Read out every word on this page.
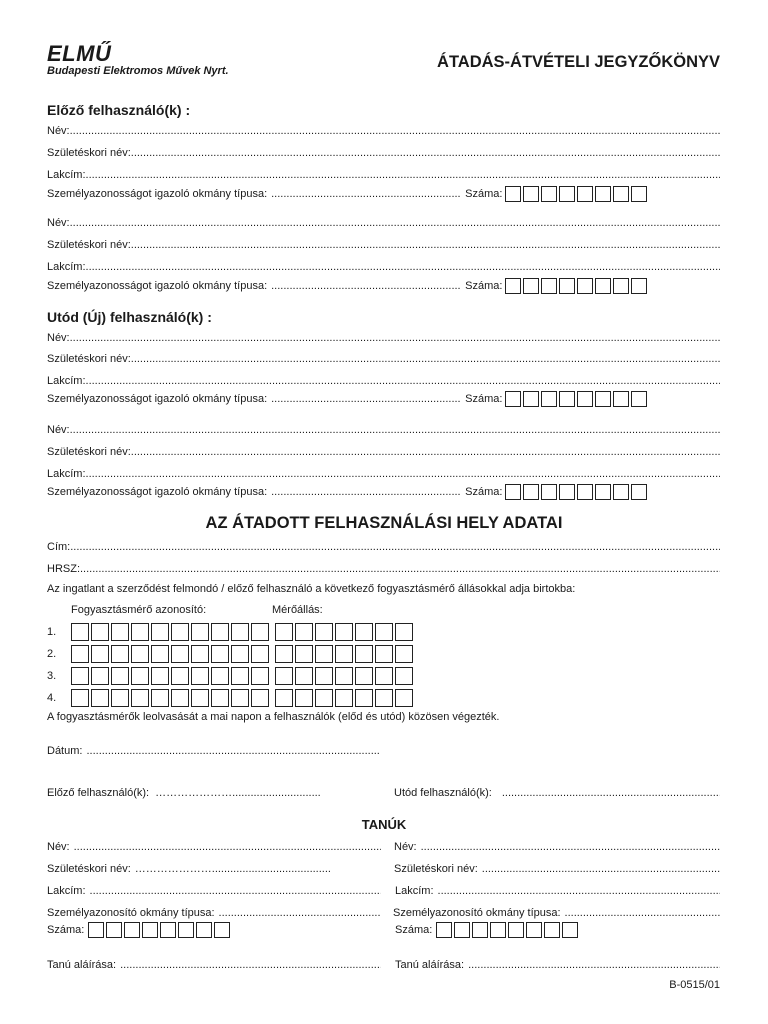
ELMŰ
Budapesti Elektromos Művek Nyrt.	ÁTADÁS-ÁTVÉTELI JEGYZŐKÖNYV
Előző felhasználó(k) :
Név:
.....
Születéskori név:
.....
Lakcím:
.....
Személyazonosságot igazoló okmány típusa: .....	Száma:
Név:
.....
Születéskori név:
.....
Lakcím:
.....
Személyazonosságot igazoló okmány típusa: .....	Száma:
Utód (Új) felhasználó(k) :
Név:
.....
Születéskori név:
.....
Lakcím:
.....
Személyazonosságot igazoló okmány típusa: .....	Száma:
Név:
.....
Születéskori név:
.....
Lakcím:
.....
Személyazonosságot igazoló okmány típusa: .....	Száma:
AZ ÁTADOTT FELHASZNÁLÁSI HELY ADATAI
Cím:
.....
HRSZ:
.....
Az ingatlant a szerződést felmondó / előző felhasználó a következő fogyasztásmérő állásokkal adja birtokba:
Fogyasztásmérő azonosító:	Mérőállás:
1.
2.
3.
4.
A fogyasztásmérők leolvasását a mai napon a felhasználók (előd és utód) közösen végezték.
Dátum:
.....
Előző felhasználó(k): ………………….............................	Utód felhasználó(k):
.....
TANÚK
Név: .....	Név:
.....
Születéskori név: ………………….......................................	Születéskori név:
.....
Lakcím: .....	Lakcím:
.....
Személyazonosító okmány típusa: .....	Személyazonosító okmány típusa:
.....
Száma:	Száma:
Tanú aláírása: .....	Tanú aláírása:
.....
B-0515/01
